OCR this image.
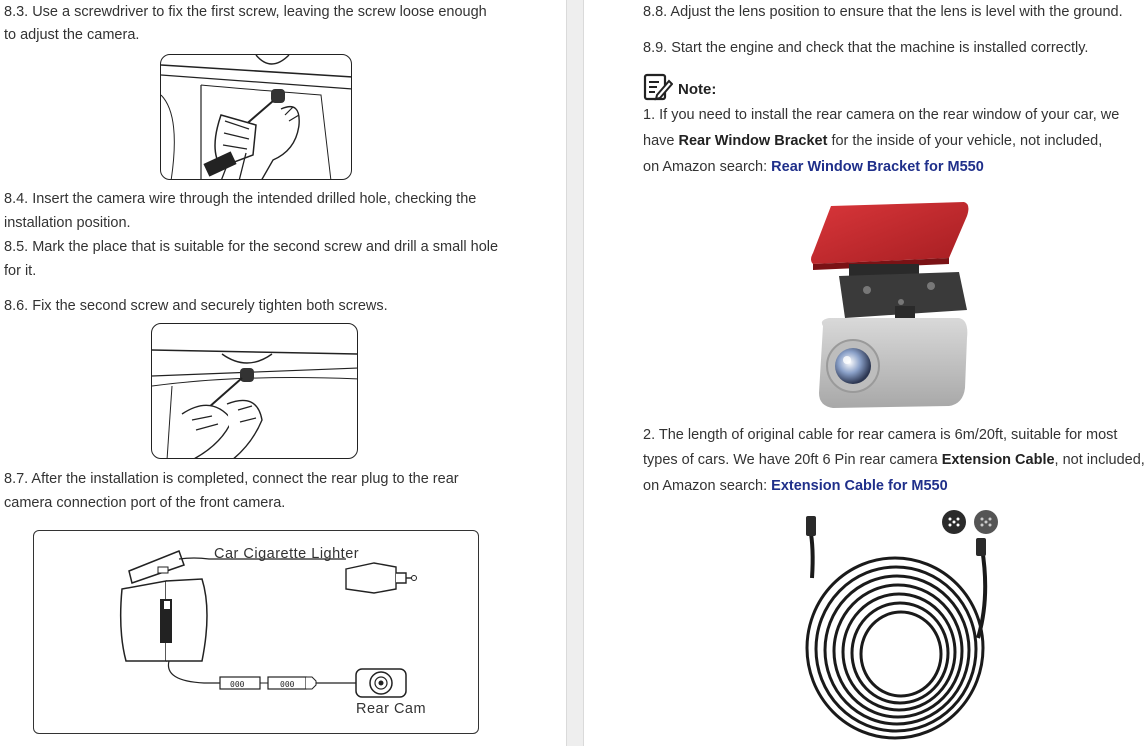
8.3. Use a screwdriver to fix the first screw, leaving the screw loose enough
to adjust the camera.
8.4. Insert the camera wire through the intended drilled hole, checking the
installation position.
8.5. Mark the place that is suitable for the second screw and drill a small hole
for it.
8.6. Fix the second screw and securely tighten both screws.
8.7. After the installation is completed, connect the rear plug to the rear
camera connection port of the front camera.
Car Cigarette Lighter
Rear Cam
000	000
8.8. Adjust the lens position to ensure that the lens is level with the ground.
8.9. Start the engine and check that the machine is installed correctly.
Note:
1. If you need to install the rear camera on the rear window of your car, we
have Rear Window Bracket for the inside of your vehicle, not included,
on Amazon search: Rear Window Bracket for M550
2. The length of original cable for rear camera is 6m/20ft, suitable for most
types of cars. We have 20ft 6 Pin rear camera Extension Cable, not included,
on Amazon search: Extension Cable for M550
